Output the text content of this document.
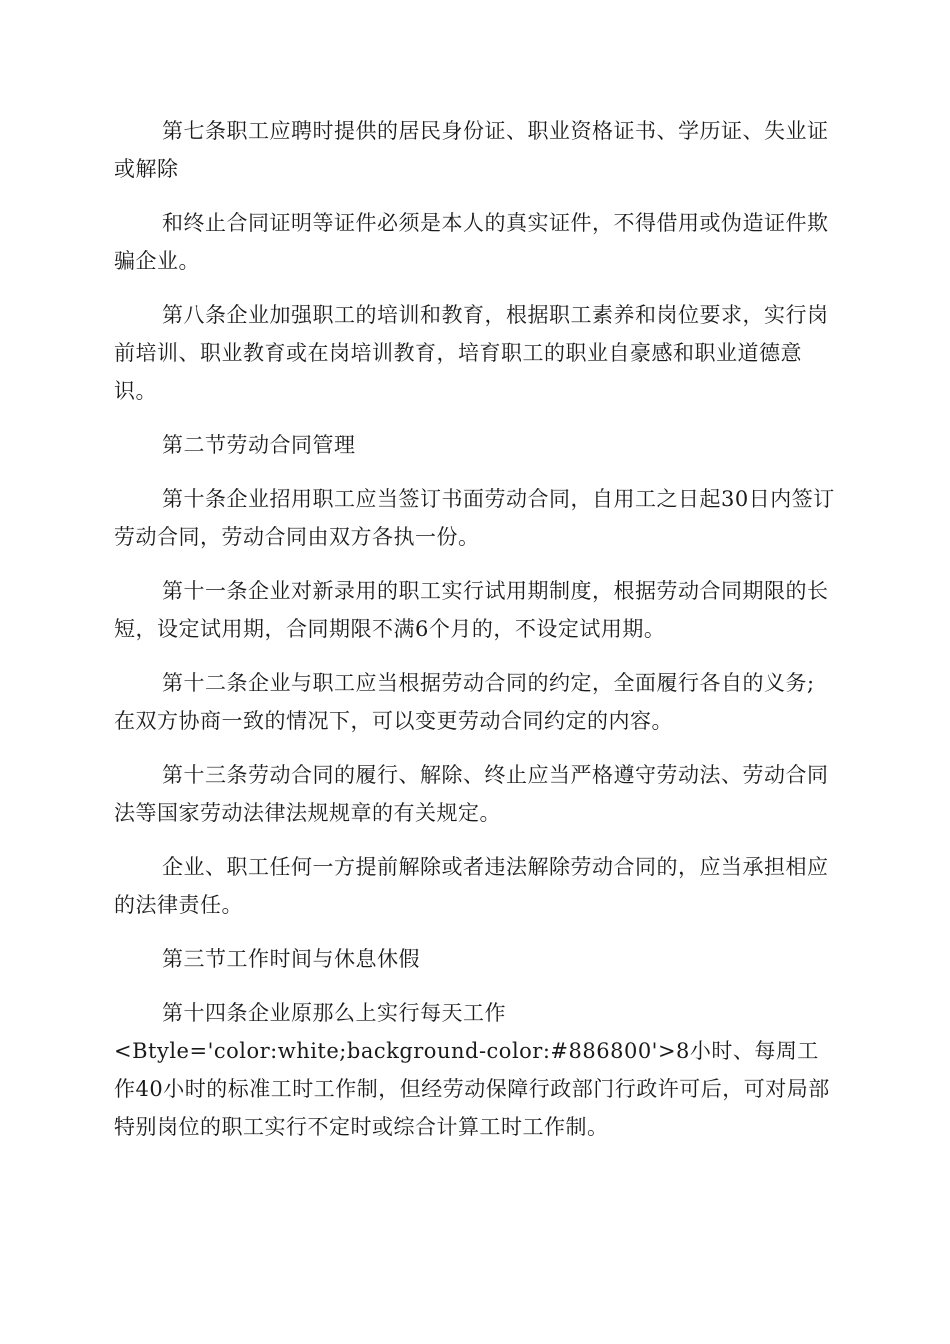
第七条职工应聘时提供的居民身份证、职业资格证书、学历证、失业证或解除

和终止合同证明等证件必须是本人的真实证件，不得借用或伪造证件欺骗企业。

第八条企业加强职工的培训和教育，根据职工素养和岗位要求，实行岗前培训、职业教育或在岗培训教育，培育职工的职业自豪感和职业道德意识。

第二节劳动合同管理

第十条企业招用职工应当签订书面劳动合同，自用工之日起30日内签订劳动合同，劳动合同由双方各执一份。

第十一条企业对新录用的职工实行试用期制度，根据劳动合同期限的长短，设定试用期，合同期限不满6个月的，不设定试用期。

第十二条企业与职工应当根据劳动合同的约定，全面履行各自的义务;在双方协商一致的情况下，可以变更劳动合同约定的内容。

第十三条劳动合同的履行、解除、终止应当严格遵守劳动法、劳动合同法等国家劳动法律法规规章的有关规定。

企业、职工任何一方提前解除或者违法解除劳动合同的，应当承担相应的法律责任。

第三节工作时间与休息休假

第十四条企业原那么上实行每天工作
<Btyle='color:white;background-color:#886800'>8小时、每周工作40小时的标准工时工作制，但经劳动保障行政部门行政许可后，可对局部特别岗位的职工实行不定时或综合计算工时工作制。
